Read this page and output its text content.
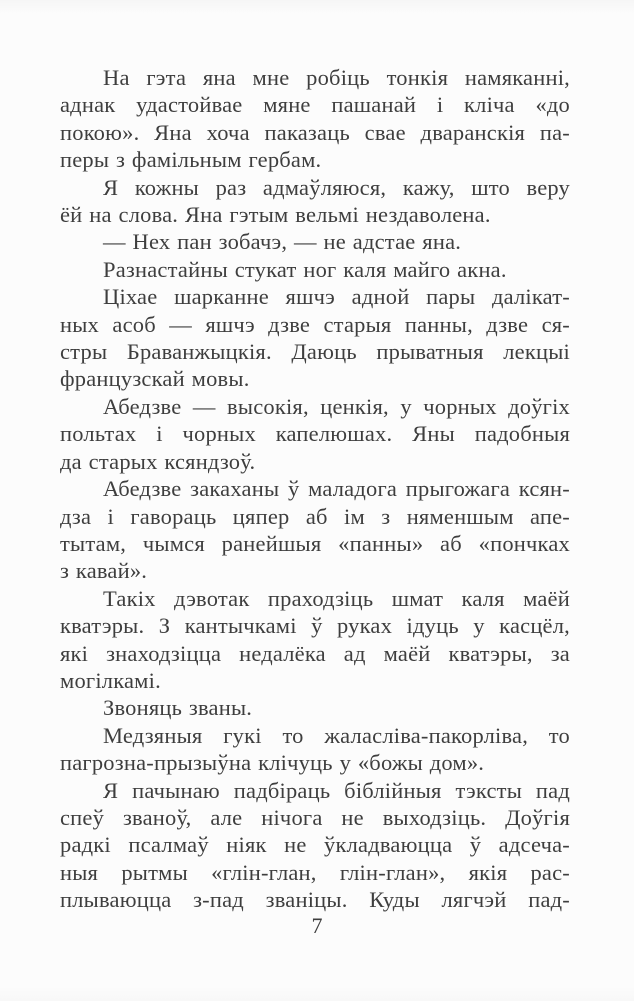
На гэта яна мне робіць тонкія намяканні,
аднак удастойвае мяне пашанай і кліча «до
покою». Яна хоча паказаць свае дваранскія па-
перы з фамільным гербам.
Я кожны раз адмаўляюся, кажу, што веру
ёй на слова. Яна гэтым вельмі нездаволена.
— Нех пан зобачэ, — не адстае яна.
Разнастайны стукат ног каля майго акна.
Ціхае шарканне яшчэ адной пары далікат-
ных асоб — яшчэ дзве старыя панны, дзве ся-
стры Браванжыцкія. Даюць прыватныя лекцыі
французскай мовы.
Абедзве — высокія, ценкія, у чорных доўгіх
польтах і чорных капелюшах. Яны падобныя
да старых ксяндзоў.
Абедзве закаханы ў маладога прыгожага ксян-
дза і гавораць цяпер аб ім з няменшым апе-
тытам, чымся ранейшыя «панны» аб «пончках
з кавай».
Такіх дэвотак праходзіць шмат каля маёй
кватэры. З кантычкамі ў руках ідуць у касцёл,
які знаходзіцца недалёка ад маёй кватэры, за
могілкамі.
Звоняць званы.
Медзяныя гукі то жаласліва-пакорліва, то
пагрозна-прызыўна клічуць у «божы дом».
Я пачынаю падбіраць біблійныя тэксты пад
спеў званоў, але нічога не выходзіць. Доўгія
радкі псалмаў ніяк не ўкладваюцца ў адсеча-
ныя рытмы «глін-глан, глін-глан», якія рас-
плываюцца з-пад званіцы. Куды лягчэй пад-
7
